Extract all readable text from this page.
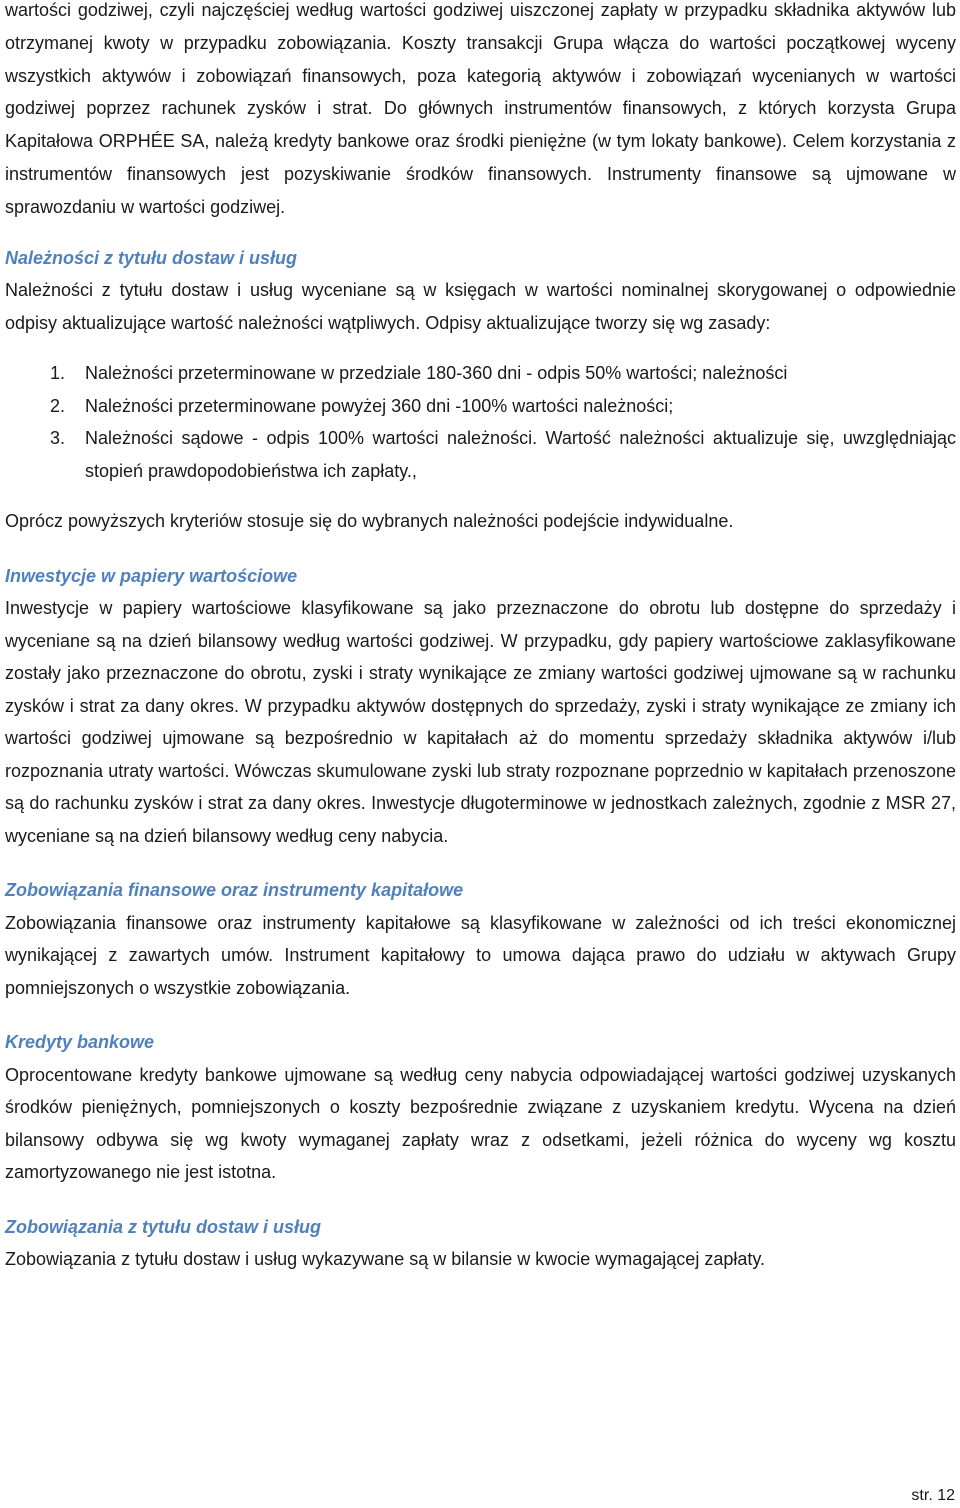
wartości godziwej, czyli najczęściej według wartości godziwej uiszczonej zapłaty w przypadku składnika aktywów lub otrzymanej kwoty w przypadku zobowiązania. Koszty transakcji Grupa włącza do wartości początkowej wyceny wszystkich aktywów i zobowiązań finansowych, poza kategorią aktywów i zobowiązań wycenianych w wartości godziwej poprzez rachunek zysków i strat. Do głównych instrumentów finansowych, z których korzysta Grupa Kapitałowa ORPHÉE SA, należą kredyty bankowe oraz środki pieniężne (w tym lokaty bankowe). Celem korzystania z instrumentów finansowych jest pozyskiwanie środków finansowych. Instrumenty finansowe są ujmowane w sprawozdaniu w wartości godziwej.

Należności z tytułu dostaw i usług

Należności z tytułu dostaw i usług wyceniane są w księgach w wartości nominalnej skorygowanej o odpowiednie odpisy aktualizujące wartość należności wątpliwych. Odpisy aktualizujące tworzy się wg zasady:

1. Należności przeterminowane w przedziale 180-360 dni - odpis 50% wartości; należności
2. Należności przeterminowane powyżej 360 dni -100% wartości należności;
3. Należności sądowe - odpis 100% wartości należności. Wartość należności aktualizuje się, uwzględniając stopień prawdopodobieństwa ich zapłaty.,

Oprócz powyższych kryteriów stosuje się do wybranych należności podejście indywidualne.

Inwestycje w papiery wartościowe

Inwestycje w papiery wartościowe klasyfikowane są jako przeznaczone do obrotu lub dostępne do sprzedaży i wyceniane są na dzień bilansowy według wartości godziwej. W przypadku, gdy papiery wartościowe zaklasyfikowane zostały jako przeznaczone do obrotu, zyski i straty wynikające ze zmiany wartości godziwej ujmowane są w rachunku zysków i strat za dany okres. W przypadku aktywów dostępnych do sprzedaży, zyski i straty wynikające ze zmiany ich wartości godziwej ujmowane są bezpośrednio w kapitałach aż do momentu sprzedaży składnika aktywów i/lub rozpoznania utraty wartości. Wówczas skumulowane zyski lub straty rozpoznane poprzednio w kapitałach przenoszone są do rachunku zysków i strat za dany okres. Inwestycje długoterminowe w jednostkach zależnych, zgodnie z MSR 27, wyceniane są na dzień bilansowy według ceny nabycia.

Zobowiązania finansowe oraz instrumenty kapitałowe

Zobowiązania finansowe oraz instrumenty kapitałowe są klasyfikowane w zależności od ich treści ekonomicznej wynikającej z zawartych umów. Instrument kapitałowy to umowa dająca prawo do udziału w aktywach Grupy pomniejszonych o wszystkie zobowiązania.

Kredyty bankowe

Oprocentowane kredyty bankowe ujmowane są według ceny nabycia odpowiadającej wartości godziwej uzyskanych środków pieniężnych, pomniejszonych o koszty bezpośrednie związane z uzyskaniem kredytu. Wycena na dzień bilansowy odbywa się wg kwoty wymaganej zapłaty wraz z odsetkami, jeżeli różnica do wyceny wg kosztu zamortyzowanego nie jest istotna.

Zobowiązania z tytułu dostaw i usług

Zobowiązania z tytułu dostaw i usług wykazywane są w bilansie w kwocie wymagającej zapłaty.

str. 12
